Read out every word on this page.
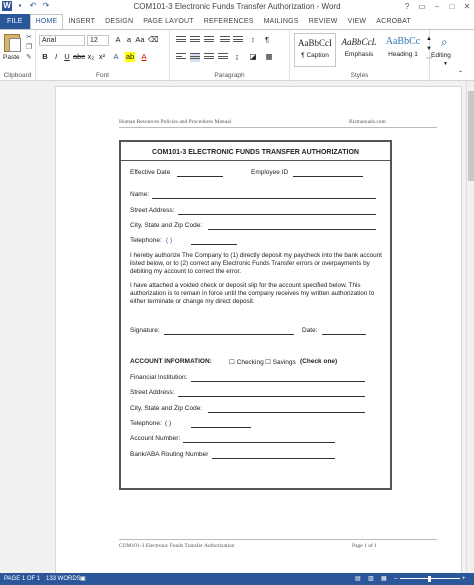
W ▪	↶ ↷	COM101-3 Electronic Funds Transfer Authorization - Word	?	▭	–	□	✕
FILE	HOME	INSERT	DESIGN	PAGE LAYOUT	REFERENCES	MAILINGS	REVIEW	VIEW	ACROBAT
Paste
✂
❐
✎
Clipboard
Arial	12	A a Aa ⌫
B I U abc x₂ x²	A ab A
Font
↕	¶
↨	◪ ▦
Paragraph
AaBbCcI
¶ Caption
AaBbCcL
Emphasis
AaBbCc
Heading 1
▲
▼
⋯
Styles
⌕
Editing
▼
⌃
Human Resources Policies and Procedures Manual	Bizmanuals.com
COM101-3 ELECTRONIC FUNDS TRANSFER AUTHORIZATION
Effective Date	Employee ID
Name:
Street Address:
City, State and Zip Code:
Telephone: ( )
I hereby authorize The Company to (1) directly deposit my paycheck into the bank account listed below, or to (2) correct any Electronic Funds Transfer errors or overpayments by debiting my account to correct the error.
I have attached a voided check or deposit slip for the account specified below. This authorization is to remain in force until the company receives my written authorization to either terminate or change my direct deposit.
Signature:	Date:
ACCOUNT INFORMATION:	☐ Checking ☐ Savings (Check one)
Financial Institution:
Street Address:
City, State and Zip Code:
Telephone: ( )
Account Number:
Bank/ABA Routing Number
COM101-3 Electronic Funds Transfer Authorization	Page 1 of 1
PAGE 1 OF 1 133 WORDS ▣	▤ ▥ ▦ –	+
